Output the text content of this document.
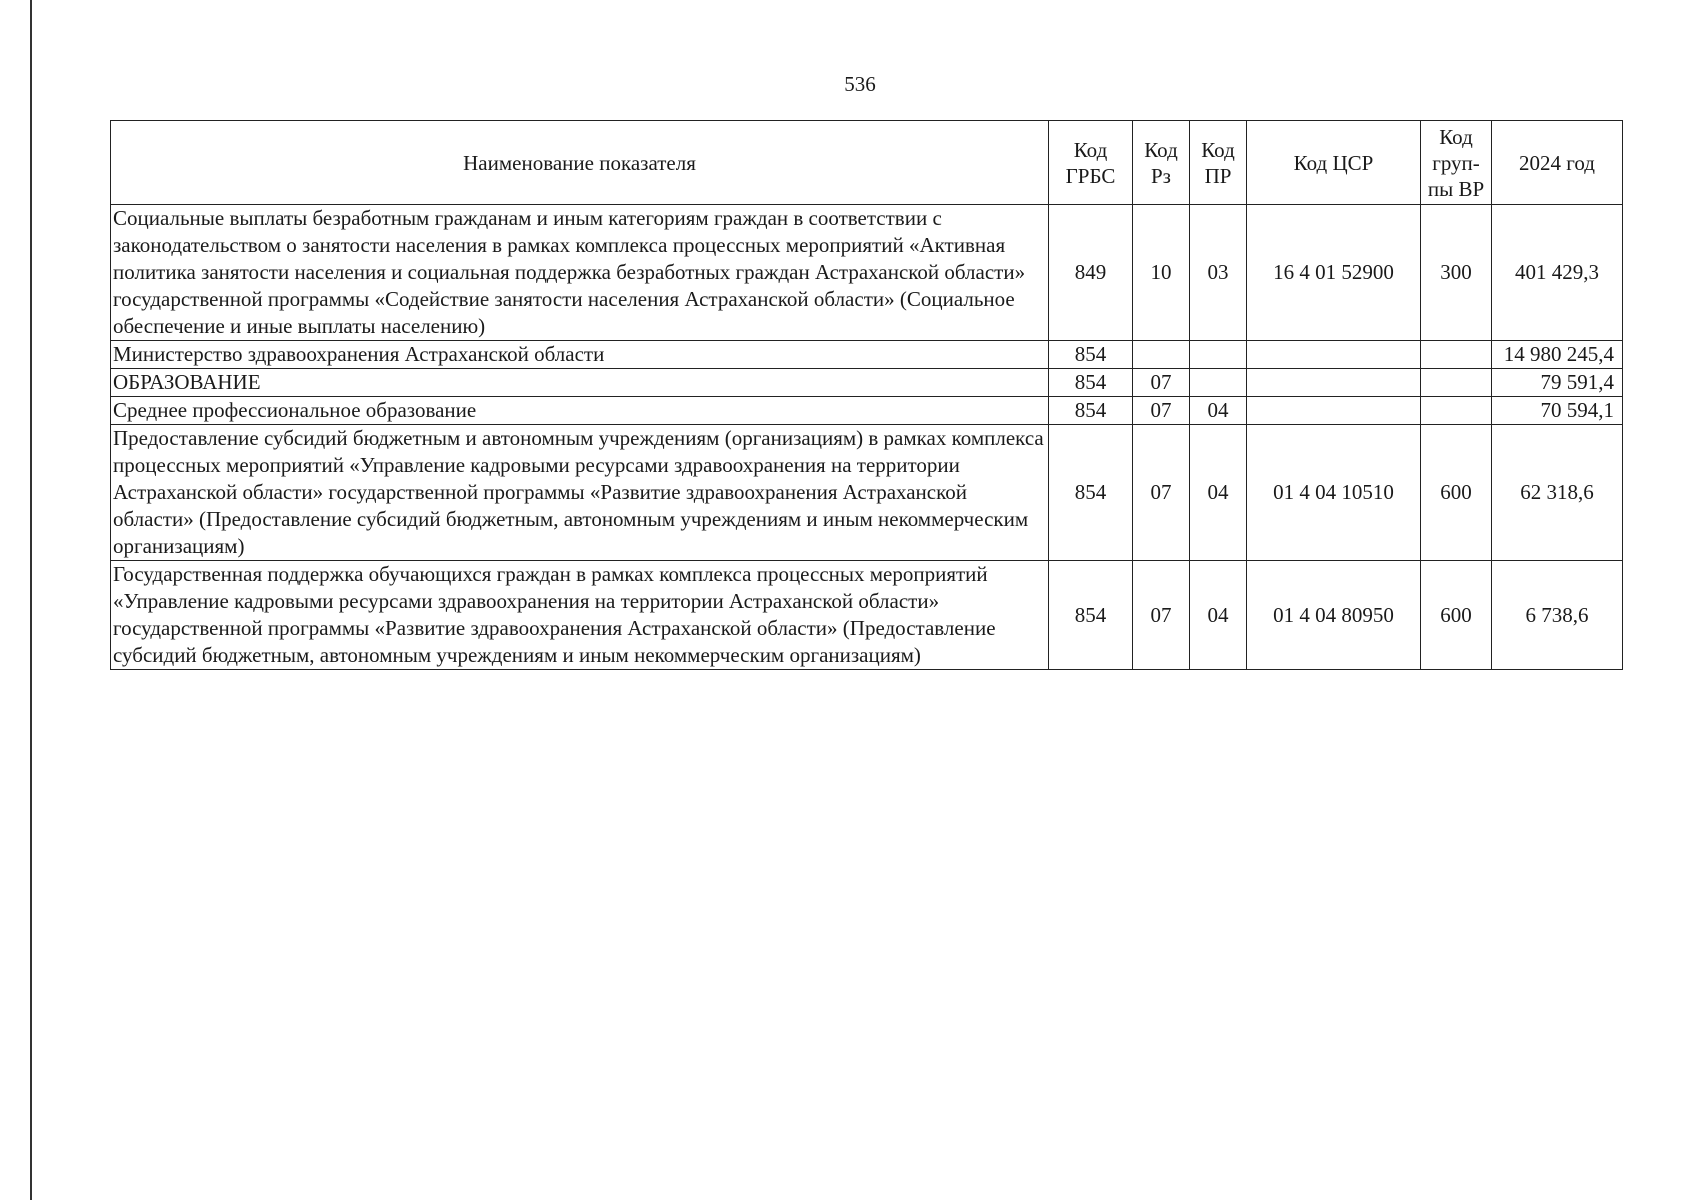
536
Наименование показателя	Код ГРБС	Код Рз	Код ПР	Код ЦСР	Код груп-пы ВР	2024 год
Социальные выплаты безработным гражданам и иным категориям граждан в соответствии с законодательством о занятости населения в рамках комплекса процессных мероприятий «Активная политика занятости населения и социальная поддержка безработных граждан Астраханской области» государственной программы «Содействие занятости населения Астраханской области» (Социальное обеспечение и иные выплаты населению)	849	10	03	16 4 01 52900	300	401 429,3
Министерство здравоохранения Астраханской области	854					14 980 245,4
ОБРАЗОВАНИЕ	854	07				79 591,4
Среднее профессиональное образование	854	07	04			70 594,1
Предоставление субсидий бюджетным и автономным учреждениям (организациям) в рамках комплекса процессных мероприятий «Управление кадровыми ресурсами здравоохранения на территории Астраханской области» государственной программы «Развитие здравоохранения Астраханской области» (Предоставление субсидий бюджетным, автономным учреждениям и иным некоммерческим организациям)	854	07	04	01 4 04 10510	600	62 318,6
Государственная поддержка обучающихся граждан в рамках комплекса процессных мероприятий «Управление кадровыми ресурсами здравоохранения на территории Астраханской области» государственной программы «Развитие здравоохранения Астраханской области» (Предоставление субсидий бюджетным, автономным учреждениям и иным некоммерческим организациям)	854	07	04	01 4 04 80950	600	6 738,6
